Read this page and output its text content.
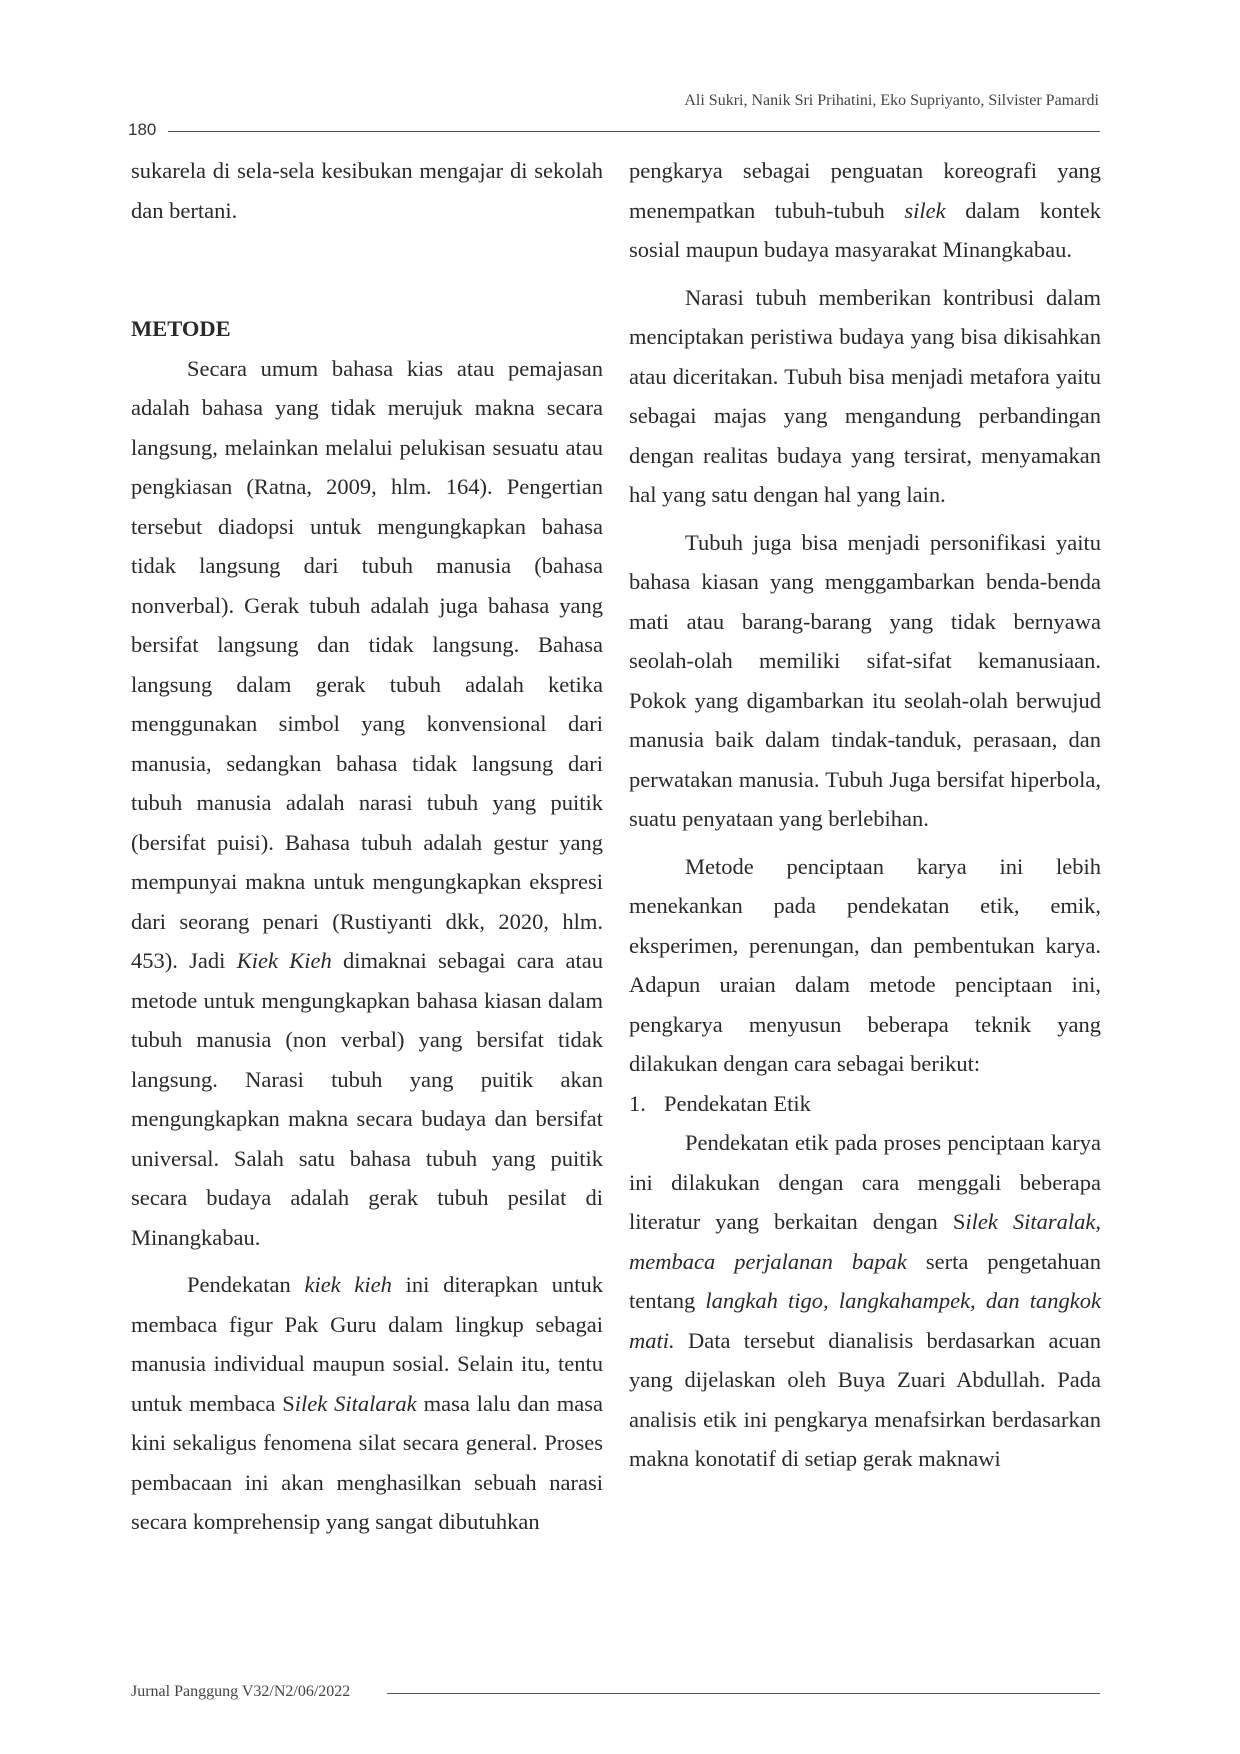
Ali Sukri, Nanik Sri Prihatini, Eko Supriyanto, Silvister Pamardi
180

sukarela di sela-sela kesibukan mengajar di sekolah dan bertani.

METODE

Secara umum bahasa kias atau pemajasan adalah bahasa yang tidak merujuk makna secara langsung, melainkan melalui pelukisan sesuatu atau pengkiasan (Ratna, 2009, hlm. 164). Pengertian tersebut diadopsi untuk mengungkapkan bahasa tidak langsung dari tubuh manusia (bahasa nonverbal). Gerak tubuh adalah juga bahasa yang bersifat langsung dan tidak langsung. Bahasa langsung dalam gerak tubuh adalah ketika menggunakan simbol yang konvensional dari manusia, sedangkan bahasa tidak langsung dari tubuh manusia adalah narasi tubuh yang puitik (bersifat puisi). Bahasa tubuh adalah gestur yang mempunyai makna untuk mengungkapkan ekspresi dari seorang penari (Rustiyanti dkk, 2020, hlm. 453). Jadi Kiek Kieh dimaknai sebagai cara atau metode untuk mengungkapkan bahasa kiasan dalam tubuh manusia (non verbal) yang bersifat tidak langsung. Narasi tubuh yang puitik akan mengungkapkan makna secara budaya dan bersifat universal. Salah satu bahasa tubuh yang puitik secara budaya adalah gerak tubuh pesilat di Minangkabau.

Pendekatan kiek kieh ini diterapkan untuk membaca figur Pak Guru dalam lingkup sebagai manusia individual maupun sosial. Selain itu, tentu untuk membaca Silek Sitalarak masa lalu dan masa kini sekaligus fenomena silat secara general. Proses pembacaan ini akan menghasilkan sebuah narasi secara komprehensip yang sangat dibutuhkan

pengkarya sebagai penguatan koreografi yang menempatkan tubuh-tubuh silek dalam kontek sosial maupun budaya masyarakat Minangkabau.

Narasi tubuh memberikan kontribusi dalam menciptakan peristiwa budaya yang bisa dikisahkan atau diceritakan. Tubuh bisa menjadi metafora yaitu sebagai majas yang mengandung perbandingan dengan realitas budaya yang tersirat, menyamakan hal yang satu dengan hal yang lain.

Tubuh juga bisa menjadi personifikasi yaitu bahasa kiasan yang menggambarkan benda-benda mati atau barang-barang yang tidak bernyawa seolah-olah memiliki sifat-sifat kemanusiaan. Pokok yang digambarkan itu seolah-olah berwujud manusia baik dalam tindak-tanduk, perasaan, dan perwatakan manusia. Tubuh Juga bersifat hiperbola, suatu penyataan yang berlebihan.

Metode penciptaan karya ini lebih menekankan pada pendekatan etik, emik, eksperimen, perenungan, dan pembentukan karya. Adapun uraian dalam metode penciptaan ini, pengkarya menyusun beberapa teknik yang dilakukan dengan cara sebagai berikut:

1. Pendekatan Etik

Pendekatan etik pada proses penciptaan karya ini dilakukan dengan cara menggali beberapa literatur yang berkaitan dengan Silek Sitaralak, membaca perjalanan bapak serta pengetahuan tentang langkah tigo, langkahampek, dan tangkok mati. Data tersebut dianalisis berdasarkan acuan yang dijelaskan oleh Buya Zuari Abdullah. Pada analisis etik ini pengkarya menafsirkan berdasarkan makna konotatif di setiap gerak maknawi

Jurnal Panggung V32/N2/06/2022
